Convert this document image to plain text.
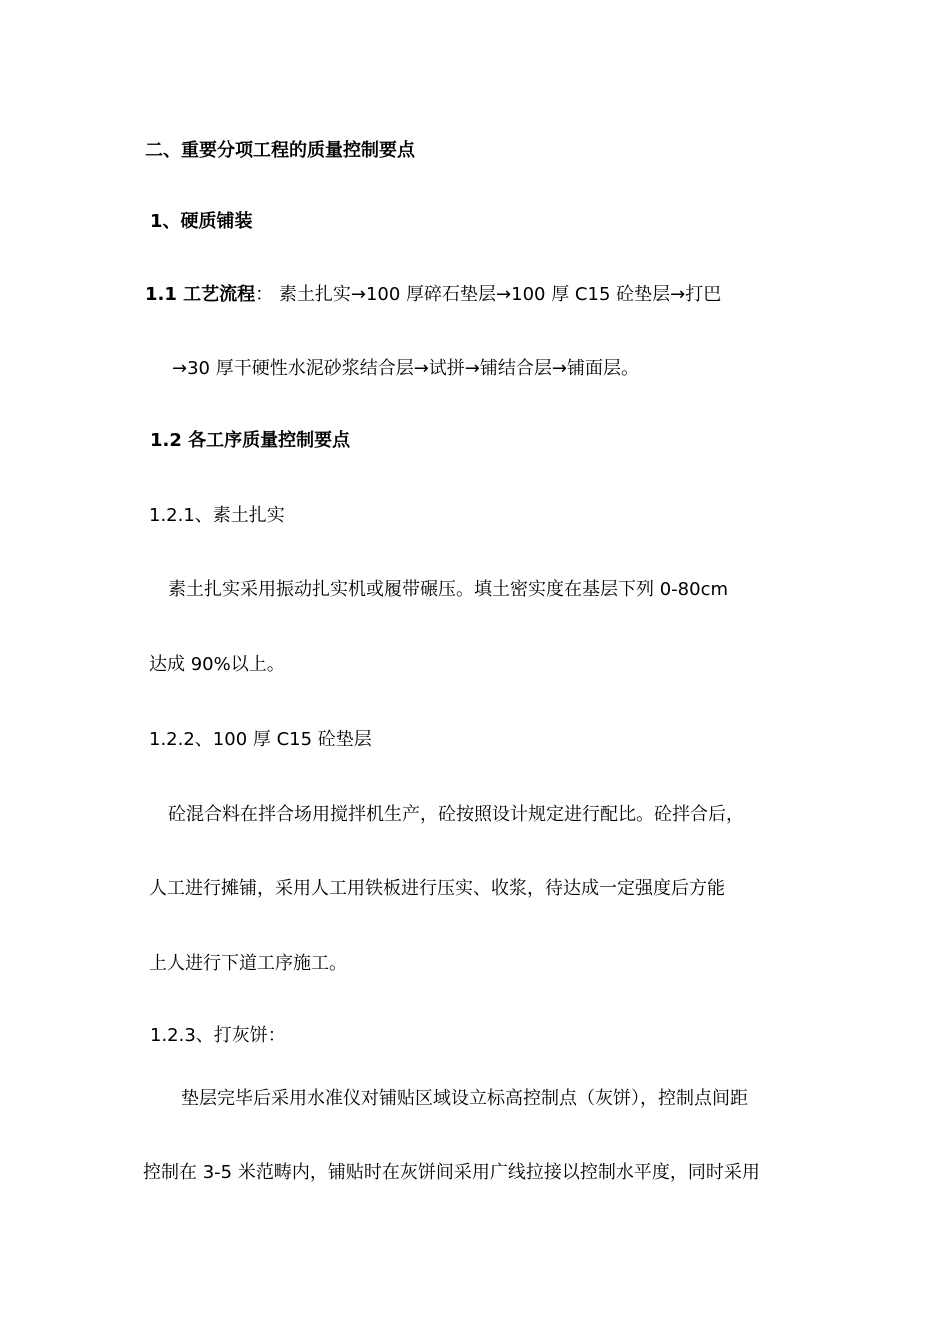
二、重要分项工程的质量控制要点
1、硬质铺装
1.1 工艺流程： 素土扎实→100 厚碎石垫层→100 厚 C15 砼垫层→打巴
→30 厚干硬性水泥砂浆结合层→试拼→铺结合层→铺面层。
1.2 各工序质量控制要点
1.2.1、素土扎实
素土扎实采用振动扎实机或履带碾压。填土密实度在基层下列 0-80cm
达成 90%以上。
1.2.2、100 厚 C15 砼垫层
砼混合料在拌合场用搅拌机生产，砼按照设计规定进行配比。砼拌合后，
人工进行摊铺，采用人工用铁板进行压实、收浆，待达成一定强度后方能
上人进行下道工序施工。
1.2.3、打灰饼：
垫层完毕后采用水准仪对铺贴区域设立标高控制点（灰饼），控制点间距
控制在 3-5 米范畴内，铺贴时在灰饼间采用广线拉接以控制水平度，同时采用
